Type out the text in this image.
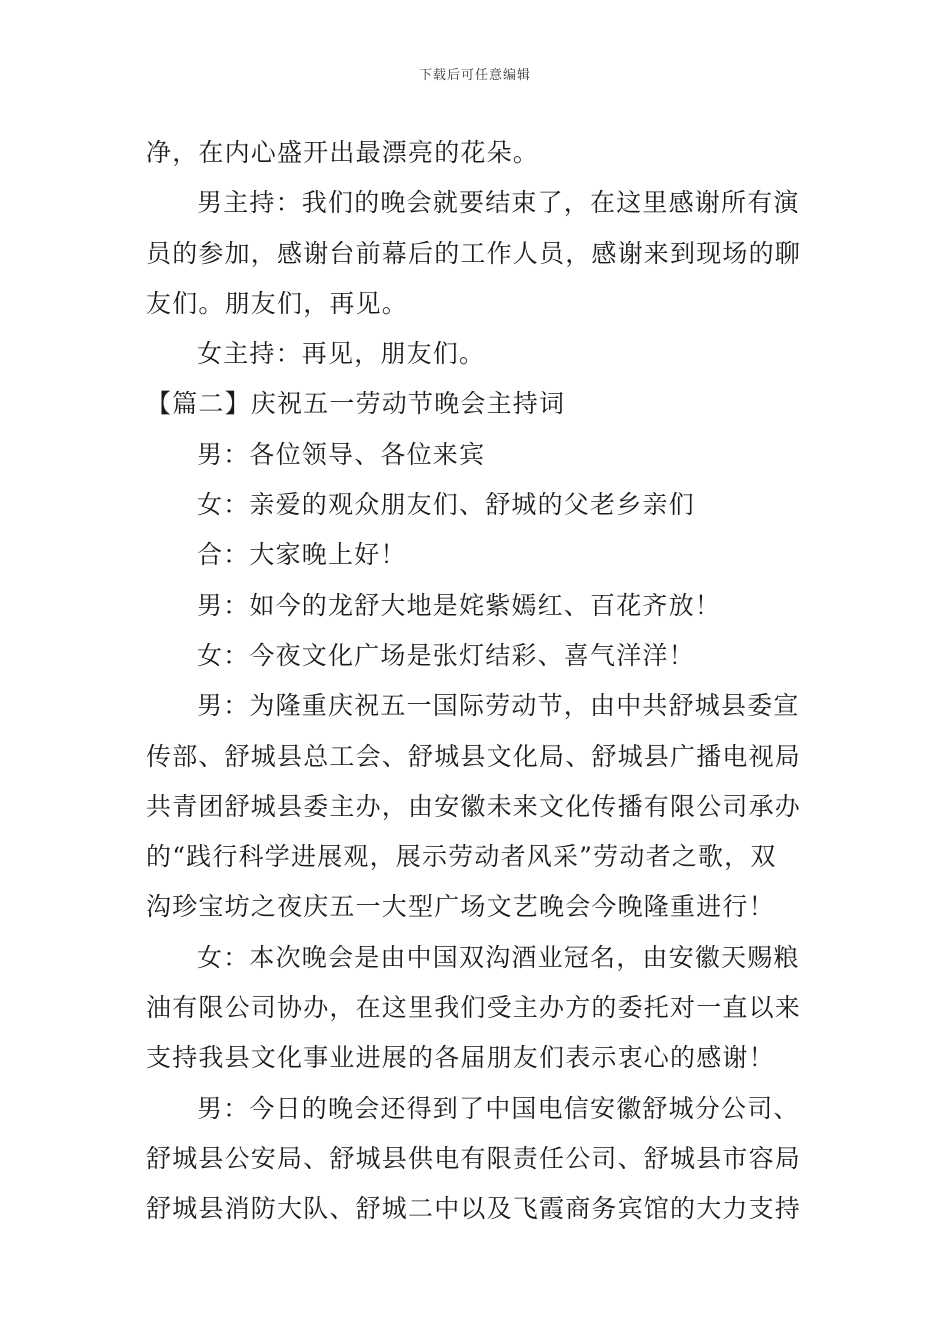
下载后可任意编辑
净，在内心盛开出最漂亮的花朵。
男主持：我们的晚会就要结束了，在这里感谢所有演
员的参加，感谢台前幕后的工作人员，感谢来到现场的聊
友们。朋友们，再见。
女主持：再见，朋友们。
【篇二】庆祝五一劳动节晚会主持词
男：各位领导、各位来宾
女：亲爱的观众朋友们、舒城的父老乡亲们
合：大家晚上好！
男：如今的龙舒大地是姹紫嫣红、百花齐放！
女：今夜文化广场是张灯结彩、喜气洋洋！
男：为隆重庆祝五一国际劳动节，由中共舒城县委宣
传部、舒城县总工会、舒城县文化局、舒城县广播电视局
共青团舒城县委主办，由安徽未来文化传播有限公司承办
的“践行科学进展观，展示劳动者风采”劳动者之歌，双
沟珍宝坊之夜庆五一大型广场文艺晚会今晚隆重进行！
女：本次晚会是由中国双沟酒业冠名，由安徽天赐粮
油有限公司协办，在这里我们受主办方的委托对一直以来
支持我县文化事业进展的各届朋友们表示衷心的感谢！
男：今日的晚会还得到了中国电信安徽舒城分公司、
舒城县公安局、舒城县供电有限责任公司、舒城县市容局
舒城县消防大队、舒城二中以及飞霞商务宾馆的大力支持
